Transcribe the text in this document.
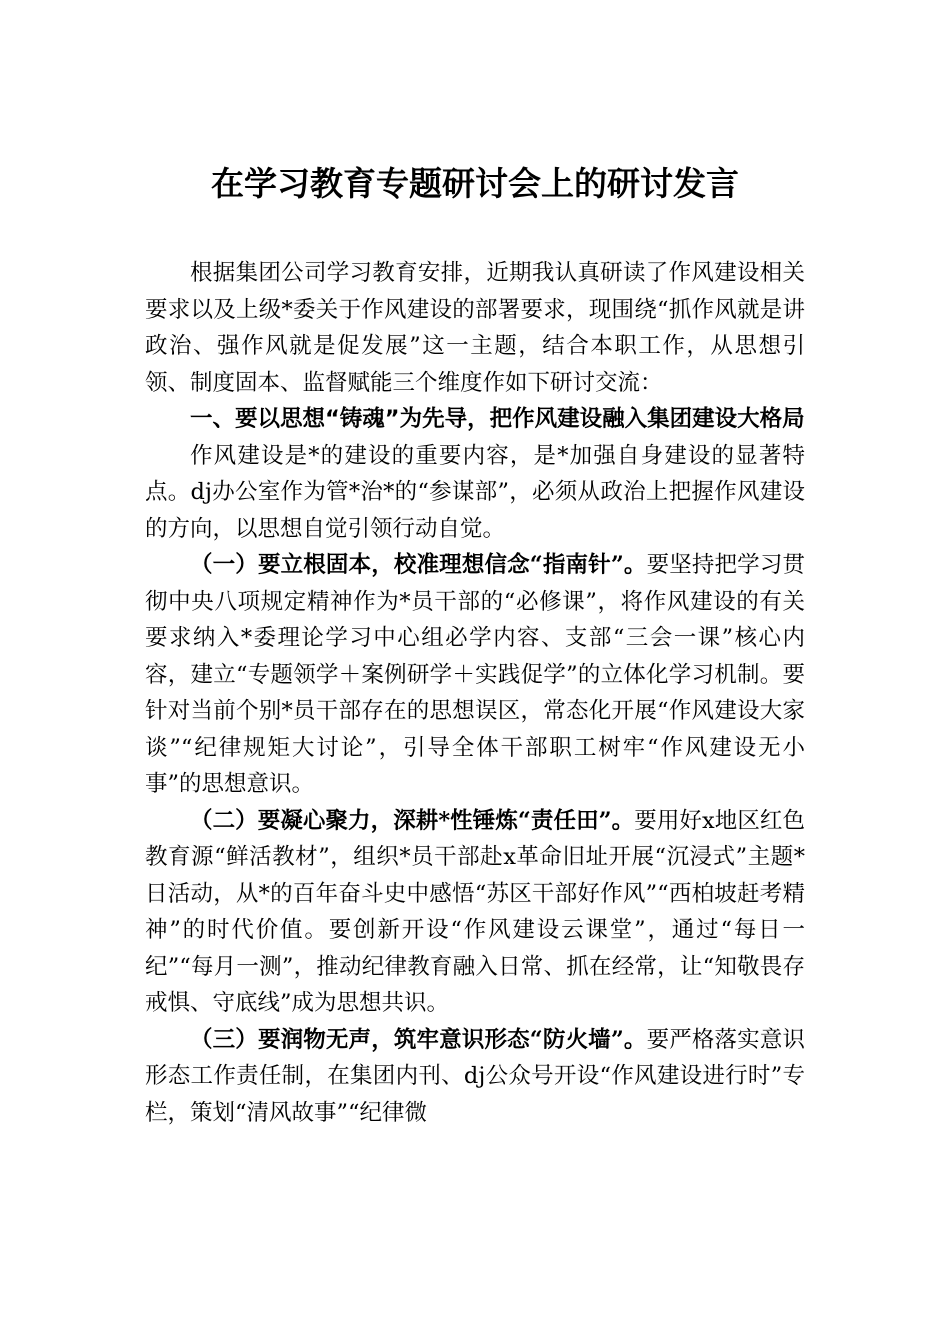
在学习教育专题研讨会上的研讨发言

根据集团公司学习教育安排，近期我认真研读了作风建设相关要求以及上级*委关于作风建设的部署要求，现围绕“抓作风就是讲政治、强作风就是促发展”这一主题，结合本职工作，从思想引领、制度固本、监督赋能三个维度作如下研讨交流：

一、要以思想“铸魂”为先导，把作风建设融入集团建设大格局

作风建设是*的建设的重要内容，是*加强自身建设的显著特点。dj办公室作为管*治*的“参谋部”，必须从政治上把握作风建设的方向，以思想自觉引领行动自觉。

（一）要立根固本，校准理想信念“指南针”。要坚持把学习贯彻中央八项规定精神作为*员干部的“必修课”，将作风建设的有关要求纳入*委理论学习中心组必学内容、支部“三会一课”核心内容，建立“专题领学＋案例研学＋实践促学”的立体化学习机制。要针对当前个别*员干部存在的思想误区，常态化开展“作风建设大家谈”“纪律规矩大讨论”，引导全体干部职工树牢“作风建设无小事”的思想意识。

（二）要凝心聚力，深耕*性锤炼“责任田”。要用好x地区红色教育源“鲜活教材”，组织*员干部赴x革命旧址开展“沉浸式”主题*日活动，从*的百年奋斗史中感悟“苏区干部好作风”“西柏坡赶考精神”的时代价值。要创新开设“作风建设云课堂”，通过“每日一纪”“每月一测”，推动纪律教育融入日常、抓在经常，让“知敬畏存戒惧、守底线”成为思想共识。

（三）要润物无声，筑牢意识形态“防火墙”。要严格落实意识形态工作责任制，在集团内刊、dj公众号开设“作风建设进行时”专栏，策划“清风故事”“纪律微
